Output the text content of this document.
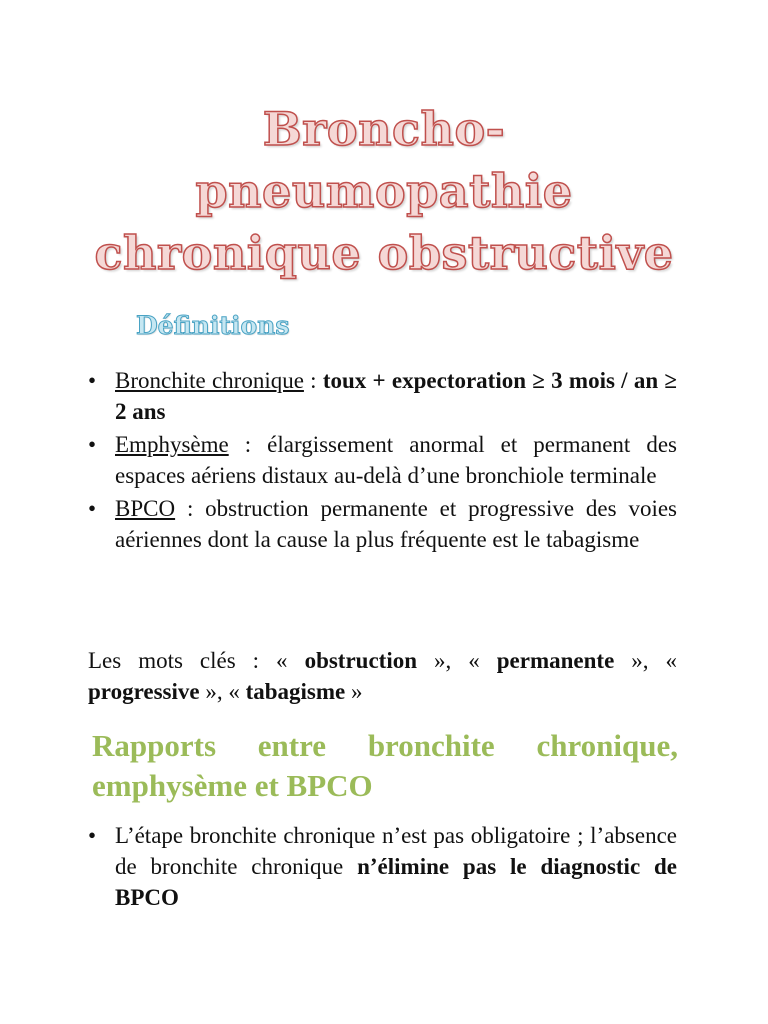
Broncho-
pneumopathie
chronique obstructive
Définitions
• Bronchite chronique : toux + expectoration ≥ 3 mois / an ≥ 2 ans
• Emphysème : élargissement anormal et permanent des espaces aériens distaux au-delà d’une bronchiole terminale
• BPCO : obstruction permanente et progressive des voies aériennes dont la cause la plus fréquente est le tabagisme

Les mots clés : « obstruction », « permanente », « progressive », « tabagisme »

Rapports entre bronchite chronique, emphysème et BPCO
• L’étape bronchite chronique n’est pas obligatoire ; l’absence de bronchite chronique n’élimine pas le diagnostic de BPCO
